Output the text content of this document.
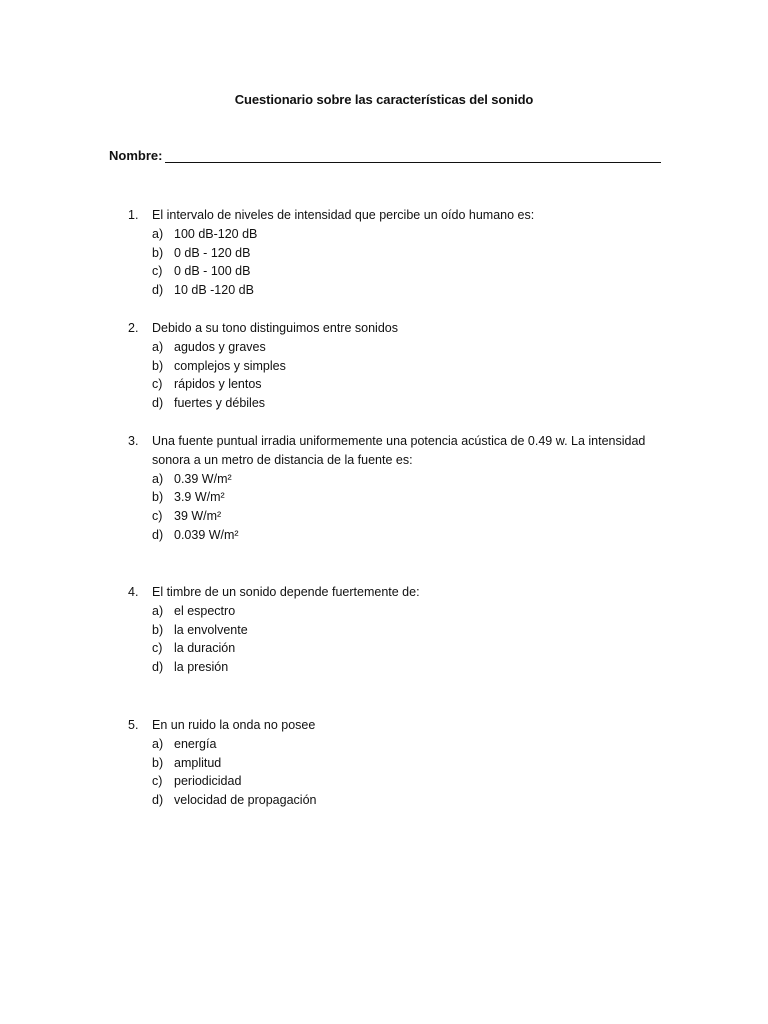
Cuestionario sobre las características del sonido
Nombre:
1.	El intervalo de niveles de intensidad que percibe un oído humano es:
a) 100 dB-120 dB
b) 0 dB - 120 dB
c) 0 dB - 100 dB
d) 10 dB -120 dB
2.	Debido a su tono distinguimos entre sonidos
a) agudos y graves
b) complejos y simples
c) rápidos y lentos
d) fuertes y débiles
3.	Una fuente puntual irradia uniformemente una potencia acústica de 0.49 w. La intensidad sonora a un metro de distancia de la fuente es:
a) 0.39 W/m²
b) 3.9 W/m²
c) 39 W/m²
d) 0.039 W/m²
4.	El timbre de un sonido depende fuertemente de:
a) el espectro
b) la envolvente
c) la duración
d) la presión
5.	En un ruido la onda no posee
a) energía
b) amplitud
c) periodicidad
d) velocidad de propagación
